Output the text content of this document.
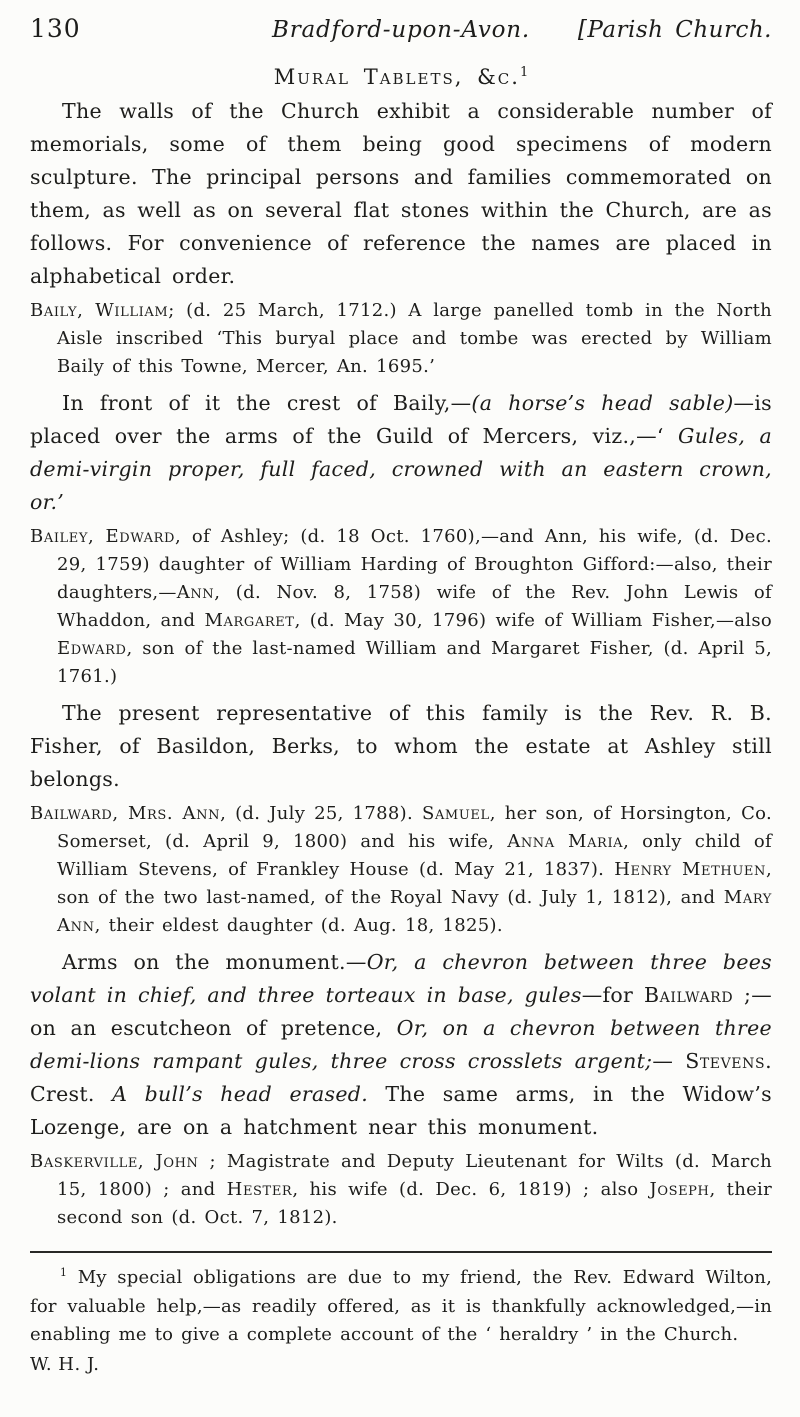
130	Bradford-upon-Avon. [Parish Church.
Mural Tablets, &c.$^1$

The walls of the Church exhibit a considerable number of memorials, some of them being good specimens of modern sculpture. The principal persons and families commemorated on them, as well as on several flat stones within the Church, are as follows. For convenience of reference the names are placed in alphabetical order.

Baily, William; (d. 25 March, 1712.) A large panelled tomb in the North Aisle inscribed ‘This buryal place and tombe was erected by William Baily of this Towne, Mercer, An. 1695.’

In front of it the crest of Baily,—(a horse’s head sable)—is placed over the arms of the Guild of Mercers, viz.,—‘ Gules, a demi-virgin proper, full faced, crowned with an eastern crown, or.’

Bailey, Edward, of Ashley; (d. 18 Oct. 1760),—and Ann, his wife, (d. Dec. 29, 1759) daughter of William Harding of Broughton Gifford:—also, their daughters,—Ann, (d. Nov. 8, 1758) wife of the Rev. John Lewis of Whaddon, and Margaret, (d. May 30, 1796) wife of William Fisher,—also Edward, son of the last-named William and Margaret Fisher, (d. April 5, 1761.)

The present representative of this family is the Rev. R. B. Fisher, of Basildon, Berks, to whom the estate at Ashley still belongs.

Bailward, Mrs. Ann, (d. July 25, 1788). Samuel, her son, of Horsington, Co. Somerset, (d. April 9, 1800) and his wife, Anna Maria, only child of William Stevens, of Frankley House (d. May 21, 1837). Henry Methuen, son of the two last-named, of the Royal Navy (d. July 1, 1812), and Mary Ann, their eldest daughter (d. Aug. 18, 1825).

Arms on the monument.—Or, a chevron between three bees volant in chief, and three torteaux in base, gules—for Bailward ;—on an escutcheon of pretence, Or, on a chevron between three demi-lions rampant gules, three cross crosslets argent;— Stevens. Crest. A bull’s head erased. The same arms, in the Widow’s Lozenge, are on a hatchment near this monument.

Baskerville, John ; Magistrate and Deputy Lieutenant for Wilts (d. March 15, 1800) ; and Hester, his wife (d. Dec. 6, 1819) ; also Joseph, their second son (d. Oct. 7, 1812).

$^1$ My special obligations are due to my friend, the Rev. Edward Wilton, for valuable help,—as readily offered, as it is thankfully acknowledged,—in enabling me to give a complete account of the ‘ heraldry ’ in the Church.

W. H. J.
